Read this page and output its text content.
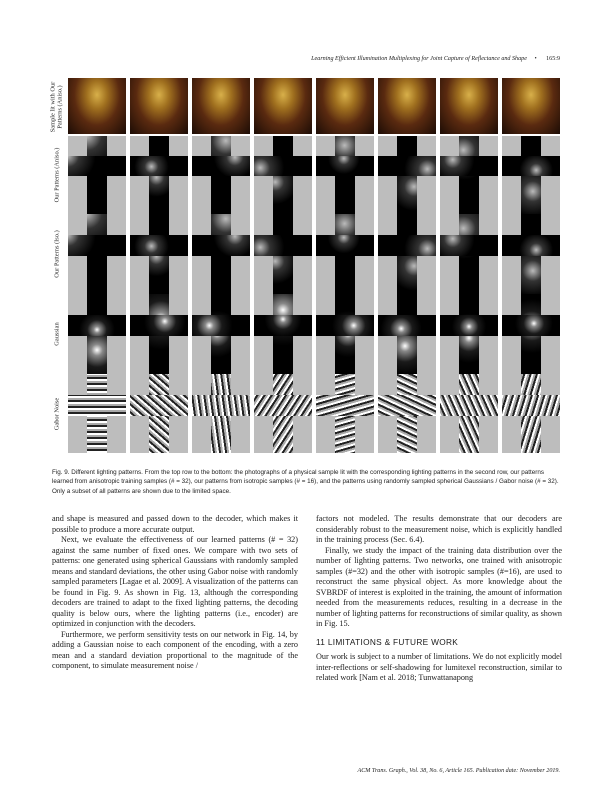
Learning Efficient Illumination Multiplexing for Joint Capture of Reflectance and Shape • 165:9
Sample lit with Our Patterns (Aniso.)
Our Patterns (Aniso.)
Our Patterns (Iso.)
Gaussian
Gabor Noise
Fig. 9. Different lighting patterns. From the top row to the bottom: the photographs of a physical sample lit with the corresponding lighting patterns in the second row, our patterns learned from anisotropic training samples (# = 32), our patterns from isotropic samples (# = 16), and the patterns using randomly sampled spherical Gaussians / Gabor noise (# = 32). Only a subset of all patterns are shown due to the limited space.

and shape is measured and passed down to the decoder, which makes it possible to produce a more accurate output.

Next, we evaluate the effectiveness of our learned patterns (# = 32) against the same number of fixed ones. We compare with two sets of patterns: one generated using spherical Gaussians with randomly sampled means and standard deviations, the other using Gabor noise with randomly sampled parameters [Lagae et al. 2009]. A visualization of the patterns can be found in Fig. 9. As shown in Fig. 13, although the corresponding decoders are trained to adapt to the fixed lighting patterns, the decoding quality is below ours, where the lighting patterns (i.e., encoder) are optimized in conjunction with the decoders.

Furthermore, we perform sensitivity tests on our network in Fig. 14, by adding a Gaussian noise to each component of the encoding, with a zero mean and a standard deviation proportional to the magnitude of the component, to simulate measurement noise /

factors not modeled. The results demonstrate that our decoders are considerably robust to the measurement noise, which is explicitly handled in the training process (Sec. 6.4).

Finally, we study the impact of the training data distribution over the number of lighting patterns. Two networks, one trained with anisotropic samples (#=32) and the other with isotropic samples (#=16), are used to reconstruct the same physical object. As more knowledge about the SVBRDF of interest is exploited in the training, the amount of information needed from the measurements reduces, resulting in a decrease in the number of lighting patterns for reconstructions of similar quality, as shown in Fig. 15.

11 LIMITATIONS & FUTURE WORK

Our work is subject to a number of limitations. We do not explicitly model inter-reflections or self-shadowing for lumitexel reconstruction, similar to related work [Nam et al. 2018; Tunwattanapong

ACM Trans. Graph., Vol. 38, No. 6, Article 165. Publication date: November 2019.
